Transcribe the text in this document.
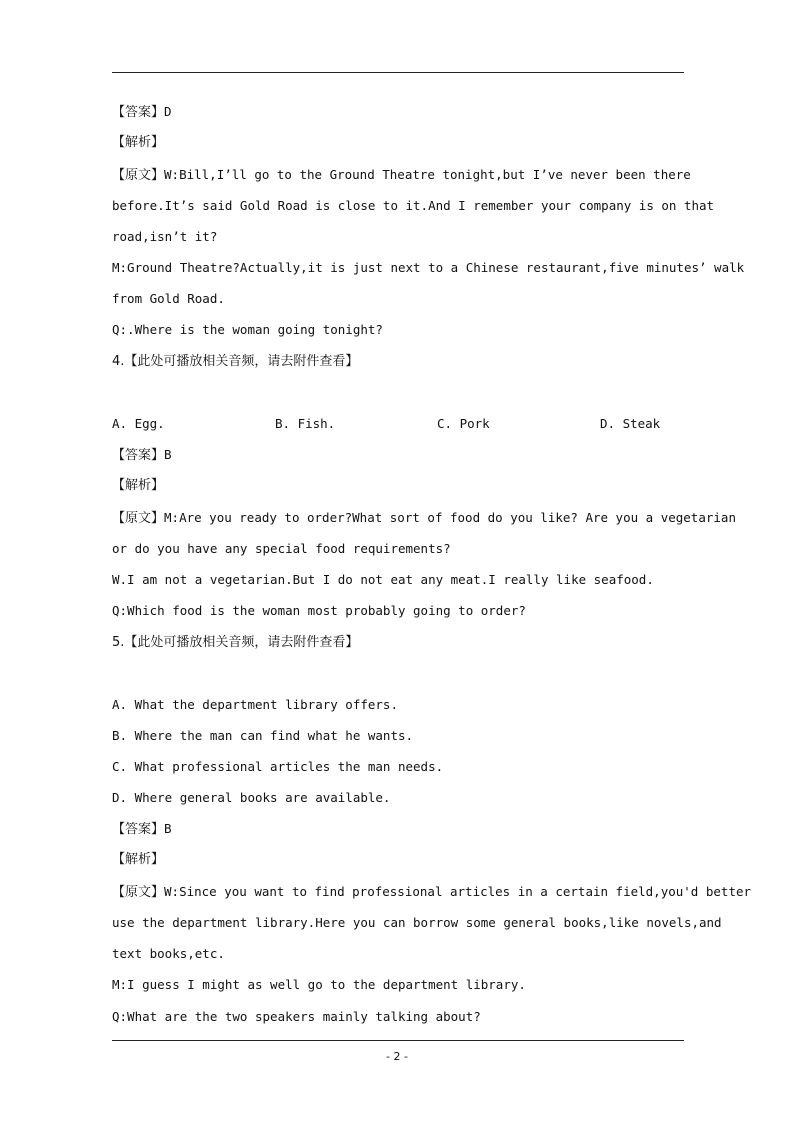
【答案】D
【解析】
【原文】W:Bill,I’ll go to the Ground Theatre tonight,but I’ve never been there
before.It’s said Gold Road is close to it.And I remember your company is on that
road,isn’t it?
M:Ground Theatre?Actually,it is just next to a Chinese restaurant,five minutes’ walk
from Gold Road.
Q:.Where is the woman going tonight?
4.【此处可播放相关音频，请去附件查看】
A. Egg.	B. Fish.	C. Pork	D. Steak
【答案】B
【解析】
【原文】M:Are you ready to order?What sort of food do you like? Are you a vegetarian
or do you have any special food requirements?
W.I am not a vegetarian.But I do not eat any meat.I really like seafood.
Q:Which food is the woman most probably going to order?
5.【此处可播放相关音频，请去附件查看】
A. What the department library offers.
B. Where the man can find what he wants.
C. What professional articles the man needs.
D. Where general books are available.
【答案】B
【解析】
【原文】W:Since you want to find professional articles in a certain field,you'd better
use the department library.Here you can borrow some general books,like novels,and
text books,etc.
M:I guess I might as well go to the department library.
Q:What are the two speakers mainly talking about?
- 2 -
